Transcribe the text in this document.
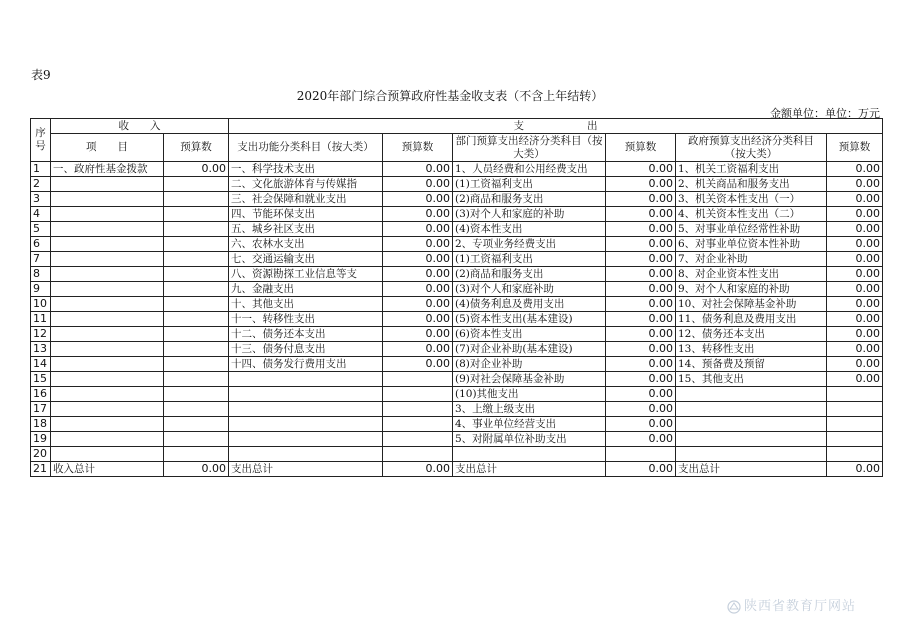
表9
2020年部门综合预算政府性基金收支表（不含上年结转）
金额单位：单位：万元
序号	收　　入		支　　　　　　出					
	项　　目	预算数	支出功能分类科目（按大类）	预算数	部门预算支出经济分类科目（按大类）	预算数	政府预算支出经济分类科目（按大类）	预算数
1	一、政府性基金拨款	0.00	一、科学技术支出	0.00	1、人员经费和公用经费支出	0.00	1、机关工资福利支出	0.00
2			二、文化旅游体育与传媒指	0.00	(1)工资福利支出	0.00	2、机关商品和服务支出	0.00
3			三、社会保障和就业支出	0.00	(2)商品和服务支出	0.00	3、机关资本性支出（一）	0.00
4			四、节能环保支出	0.00	(3)对个人和家庭的补助	0.00	4、机关资本性支出（二）	0.00
5			五、城乡社区支出	0.00	(4)资本性支出	0.00	5、对事业单位经常性补助	0.00
6			六、农林水支出	0.00	2、专项业务经费支出	0.00	6、对事业单位资本性补助	0.00
7			七、交通运输支出	0.00	(1)工资福利支出	0.00	7、对企业补助	0.00
8			八、资源勘探工业信息等支	0.00	(2)商品和服务支出	0.00	8、对企业资本性支出	0.00
9			九、金融支出	0.00	(3)对个人和家庭补助	0.00	9、对个人和家庭的补助	0.00
10			十、其他支出	0.00	(4)债务利息及费用支出	0.00	10、对社会保障基金补助	0.00
11			十一、转移性支出	0.00	(5)资本性支出(基本建设)	0.00	11、债务利息及费用支出	0.00
12			十二、债务还本支出	0.00	(6)资本性支出	0.00	12、债务还本支出	0.00
13			十三、债务付息支出	0.00	(7)对企业补助(基本建设)	0.00	13、转移性支出	0.00
14			十四、债务发行费用支出	0.00	(8)对企业补助	0.00	14、预备费及预留	0.00
15					(9)对社会保障基金补助	0.00	15、其他支出	0.00
16					(10)其他支出	0.00		
17					3、上缴上级支出	0.00		
18					4、事业单位经营支出	0.00		
19					5、对附属单位补助支出	0.00		
20								
21	收入总计	0.00	支出总计	0.00	支出总计	0.00	支出总计	0.00
陕西省教育厅网站
